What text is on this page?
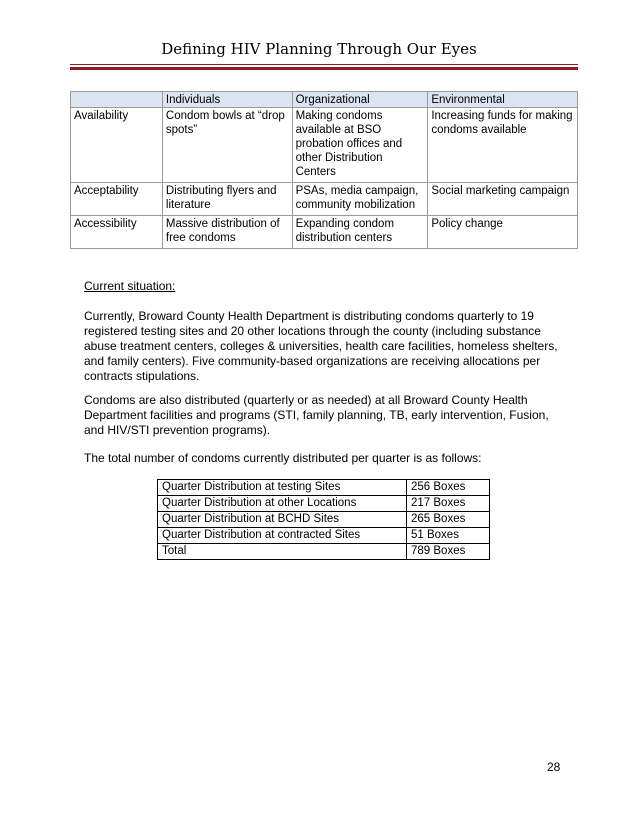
Defining HIV Planning Through Our Eyes
	Individuals	Organizational	Environmental
Availability	Condom bowls at “drop spots”	Making condoms available at BSO probation offices and other Distribution Centers	Increasing funds for making condoms available
Acceptability	Distributing flyers and literature	PSAs, media campaign, community mobilization	Social marketing campaign
Accessibility	Massive distribution of free condoms	Expanding condom distribution centers	Policy change
Current situation:
Currently, Broward County Health Department is distributing condoms quarterly to 19 registered testing sites and 20 other locations through the county (including substance abuse treatment centers, colleges & universities, health care facilities, homeless shelters, and family centers). Five community-based organizations are receiving allocations per contracts stipulations.
Condoms are also distributed (quarterly or as needed) at all Broward County Health Department facilities and programs (STI, family planning, TB, early intervention, Fusion, and HIV/STI prevention programs).
The total number of condoms currently distributed per quarter is as follows:
Quarter Distribution at testing Sites	256 Boxes
Quarter Distribution at other Locations	217 Boxes
Quarter Distribution at BCHD Sites	265 Boxes
Quarter Distribution at contracted Sites	51 Boxes
Total	789 Boxes
28
